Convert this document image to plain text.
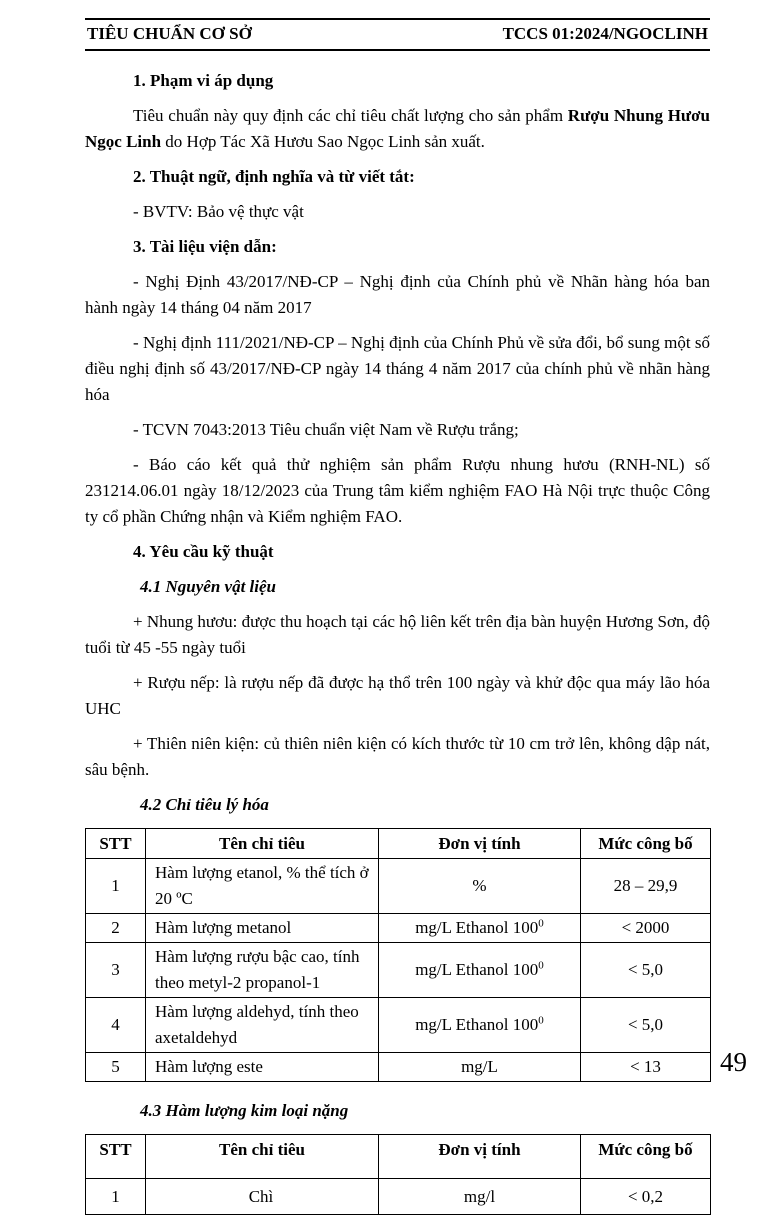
TIÊU CHUẨN CƠ SỞ	TCCS 01:2024/NGOCLINH
1. Phạm vi áp dụng

Tiêu chuẩn này quy định các chỉ tiêu chất lượng cho sản phẩm Rượu Nhung Hươu Ngọc Linh do Hợp Tác Xã Hươu Sao Ngọc Linh sản xuất.

2. Thuật ngữ, định nghĩa và từ viết tắt:

- BVTV: Bảo vệ thực vật

3. Tài liệu viện dẫn:

- Nghị Định 43/2017/NĐ-CP – Nghị định của Chính phủ về Nhãn hàng hóa ban hành ngày 14 tháng 04 năm 2017

- Nghị định 111/2021/NĐ-CP – Nghị định của Chính Phủ về sửa đổi, bổ sung một số điều nghị định số 43/2017/NĐ-CP ngày 14 tháng 4 năm 2017 của chính phủ về nhãn hàng hóa

- TCVN 7043:2013 Tiêu chuẩn việt Nam về Rượu trắng;

- Báo cáo kết quả thử nghiệm sản phẩm Rượu nhung hươu (RNH-NL) số 231214.06.01 ngày 18/12/2023 của Trung tâm kiểm nghiệm FAO Hà Nội trực thuộc Công ty cổ phần Chứng nhận và Kiểm nghiệm FAO.

4. Yêu cầu kỹ thuật
4.1 Nguyên vật liệu

+ Nhung hươu: được thu hoạch tại các hộ liên kết trên địa bàn huyện Hương Sơn, độ tuổi từ 45 -55 ngày tuổi

+ Rượu nếp: là rượu nếp đã được hạ thổ trên 100 ngày và khử độc qua máy lão hóa UHC

+ Thiên niên kiện: củ thiên niên kiện có kích thước từ 10 cm trở lên, không dập nát, sâu bệnh.

4.2 Chỉ tiêu lý hóa
STT	Tên chỉ tiêu	Đơn vị tính	Mức công bố
1	Hàm lượng etanol, % thể tích ở 20 ºC	%	28 – 29,9
2	Hàm lượng metanol	mg/L Ethanol $100^0$	< 2000
3	Hàm lượng rượu bậc cao, tính theo metyl-2 propanol-1	mg/L Ethanol $100^0$	< 5,0
4	Hàm lượng aldehyd, tính theo axetaldehyd	mg/L Ethanol $100^0$	< 5,0
5	Hàm lượng este	mg/L	< 13
4.3 Hàm lượng kim loại nặng
STT	Tên chỉ tiêu	Đơn vị tính	Mức công bố
1	Chì	mg/l	< 0,2
49
